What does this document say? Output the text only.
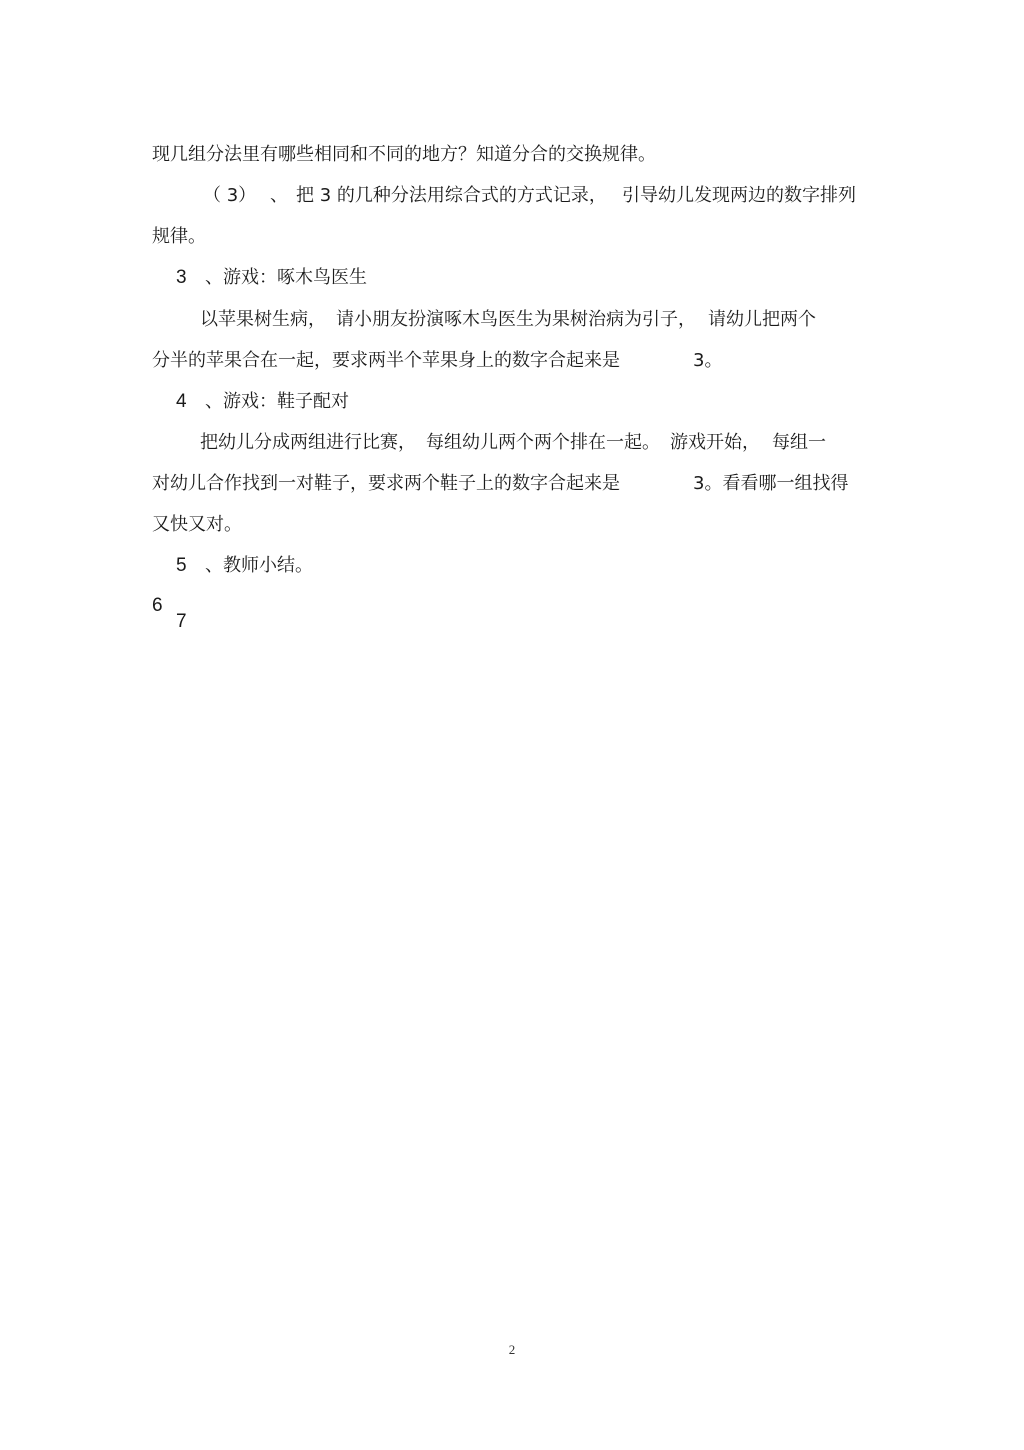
现几组分法里有哪些相同和不同的地方？知道分合的交换规律。
（ 3） 、 把 3 的几种分法用综合式的方式记录， 引导幼儿发现两边的数字排列
规律。
3 、游戏：啄木鸟医生
以苹果树生病， 请小朋友扮演啄木鸟医生为果树治病为引子， 请幼儿把两个
分半的苹果合在一起，要求两半个苹果身上的数字合起来是	3。
4 、游戏：鞋子配对
把幼儿分成两组进行比赛， 每组幼儿两个两个排在一起。 游戏开始， 每组一
对幼儿合作找到一对鞋子，要求两个鞋子上的数字合起来是	3。看看哪一组找得
又快又对。
5 、教师小结。
6
7
2
